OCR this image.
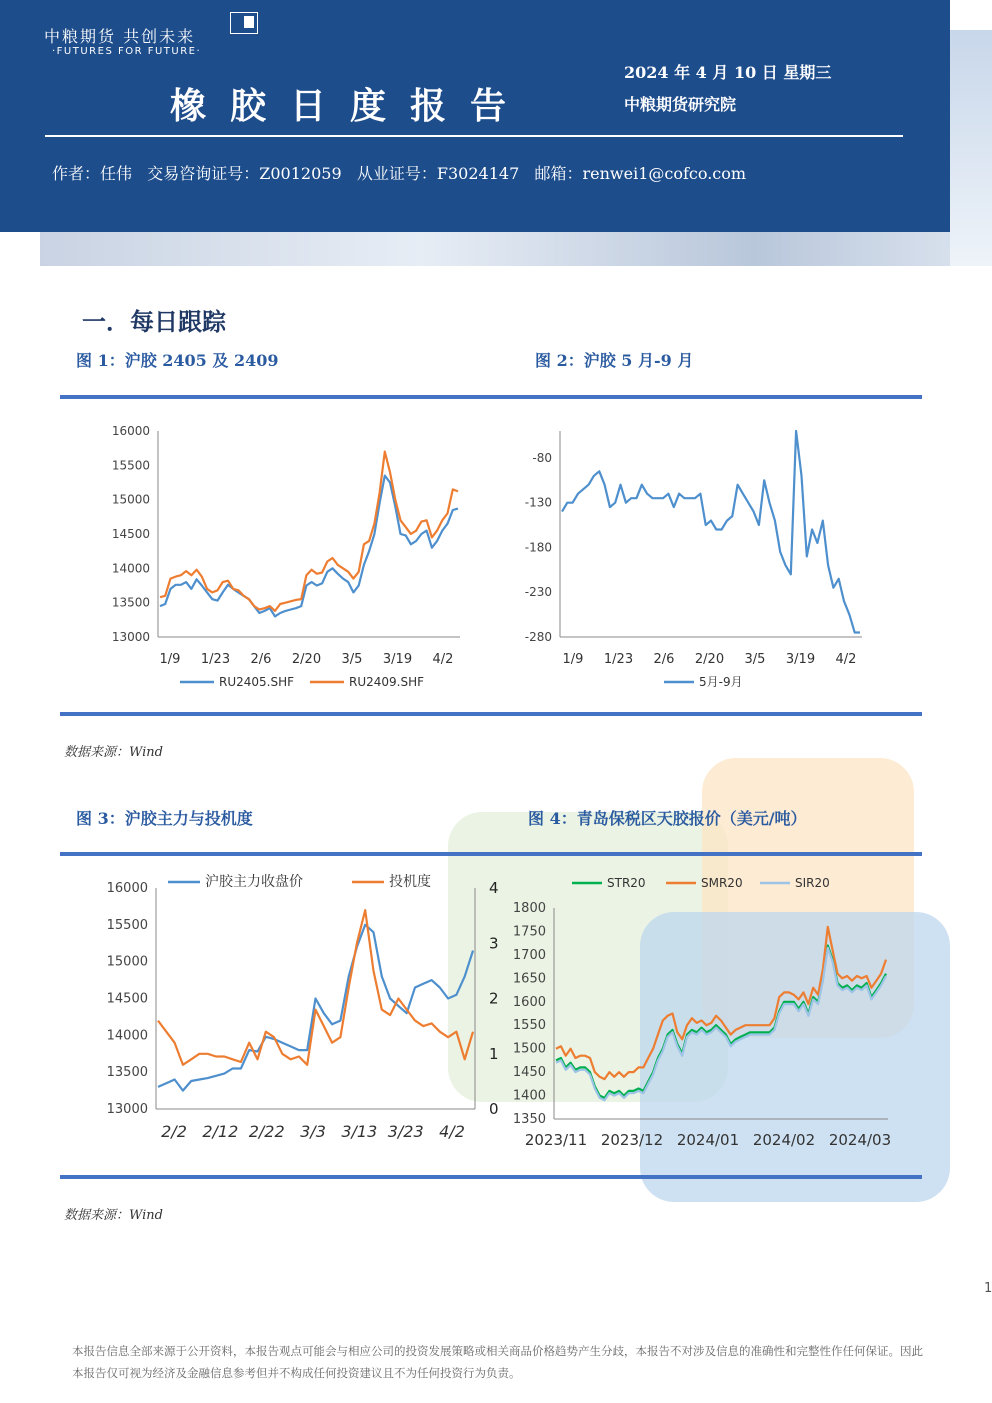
中粮期货 共创未来
·FUTURES FOR FUTURE·
橡胶日度报告
2024 年 4 月 10 日 星期三
中粮期货研究院
作者：任伟   交易咨询证号：Z0012059   从业证号：F3024147   邮箱：renwei1@cofco.com
一．每日跟踪
图 1：沪胶 2405 及 2409	图 2：沪胶 5 月-9 月
16000
15500
15000
14500
14000
13500
13000
1/9 1/23 2/6 2/20 3/5 3/19 4/2
RU2405.SHF	RU2409.SHF
-80
-130
-180
-230
-280
1/9 1/23 2/6 2/20 3/5 3/19 4/2
5月-9月
数据来源：Wind
图 3：沪胶主力与投机度	图 4：青岛保税区天胶报价（美元/吨）
16000
15500
15000
14500
14000
13500
13000
4
3
2
1
0
2/2 2/12 2/22 3/3 3/13 3/23 4/2
沪胶主力收盘价	投机度
1800
1750
1700
1650
1600
1550
1500
1450
1400
1350
2023/11 2023/12 2024/01 2024/02 2024/03
STR20	SMR20	SIR20
数据来源：Wind
1
本报告信息全部来源于公开资料，本报告观点可能会与相应公司的投资发展策略或相关商品价格趋势产生分歧，本报告不对涉及信息的准确性和完整性作任何保证。因此本报告仅可视为经济及金融信息参考但并不构成任何投资建议且不为任何投资行为负责。
